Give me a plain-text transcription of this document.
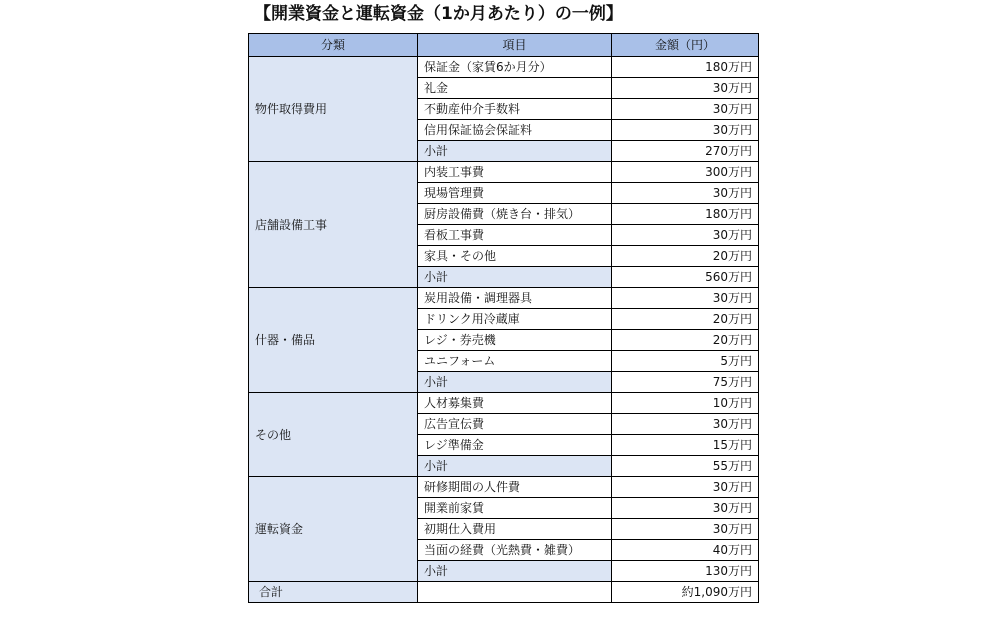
【開業資金と運転資金（1か月あたり）の一例】
分類	項目	金額（円）
物件取得費用	保証金（家賃6か月分）	180万円
	礼金	30万円
	不動産仲介手数料	30万円
	信用保証協会保証料	30万円
	小計	270万円
店舗設備工事	内装工事費	300万円
	現場管理費	30万円
	厨房設備費（焼き台・排気）	180万円
	看板工事費	30万円
	家具・その他	20万円
	小計	560万円
什器・備品	炭用設備・調理器具	30万円
	ドリンク用冷蔵庫	20万円
	レジ・券売機	20万円
	ユニフォーム	5万円
	小計	75万円
その他	人材募集費	10万円
	広告宣伝費	30万円
	レジ準備金	15万円
	小計	55万円
運転資金	研修期間の人件費	30万円
	開業前家賃	30万円
	初期仕入費用	30万円
	当面の経費（光熱費・雑費）	40万円
	小計	130万円
合計		約1,090万円
